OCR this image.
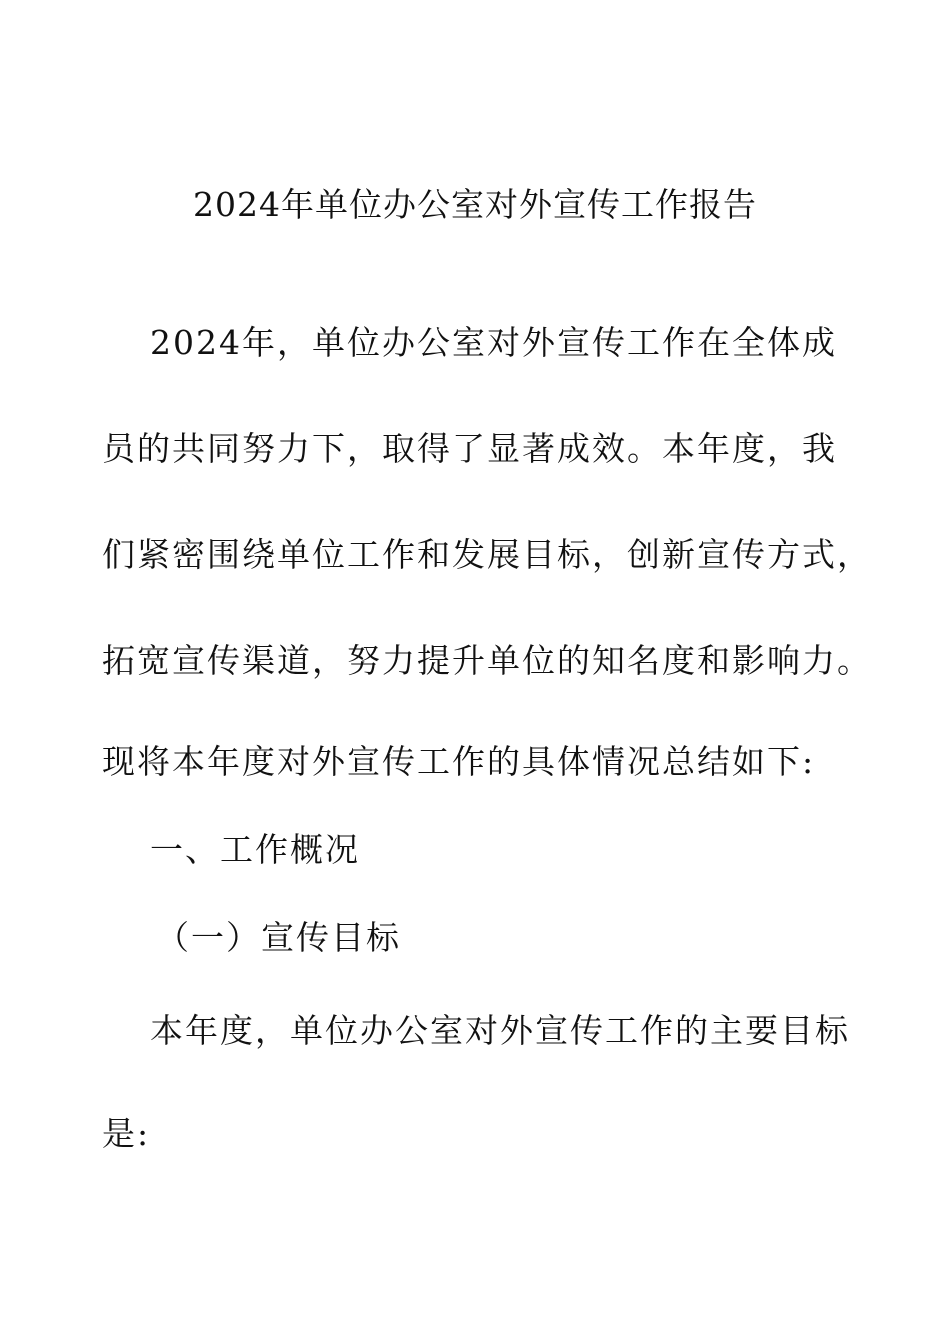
2024年单位办公室对外宣传工作报告
2024年，单位办公室对外宣传工作在全体成
员的共同努力下，取得了显著成效。本年度，我
们紧密围绕单位工作和发展目标，创新宣传方式，
拓宽宣传渠道，努力提升单位的知名度和影响力。
现将本年度对外宣传工作的具体情况总结如下:
一、工作概况
（一）宣传目标
本年度，单位办公室对外宣传工作的主要目标
是:
